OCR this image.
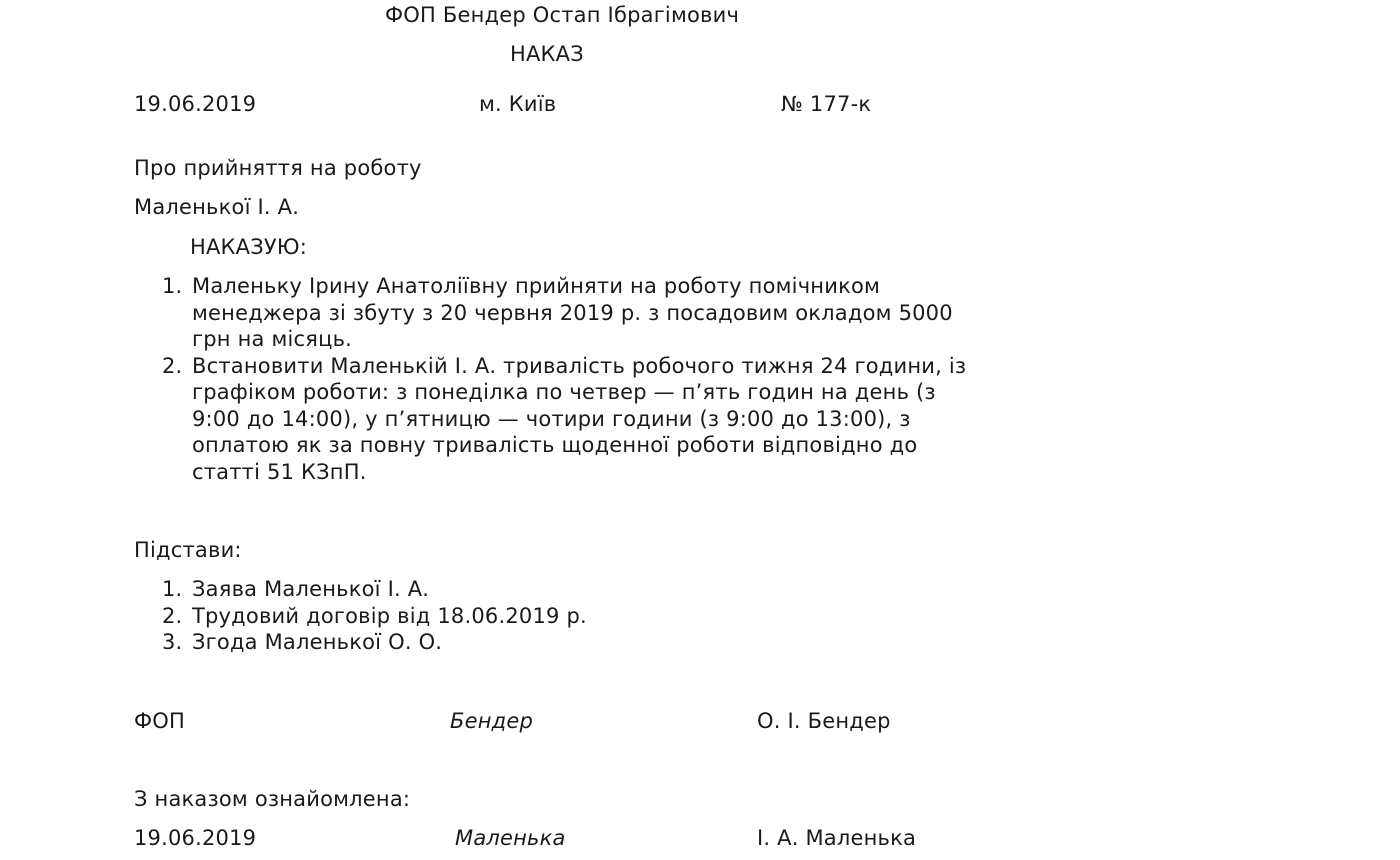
ФОП Бендер Остап Ібрагімович
НАКАЗ
19.06.2019	м. Київ	№ 177-к
Про прийняття на роботу
Маленької І. А.
НАКАЗУЮ:
1. Маленьку Ірину Анатоліївну прийняти на роботу помічником менеджера зі збуту з 20 червня 2019 р. з посадовим окладом 5000 грн на місяць.
2. Встановити Маленькій І. А. тривалість робочого тижня 24 години, із графіком роботи: з понеділка по четвер — п’ять годин на день (з 9:00 до 14:00), у п’ятницю — чотири години (з 9:00 до 13:00), з оплатою як за повну тривалість щоденної роботи відповідно до статті 51 КЗпП.
Підстави:
1. Заява Маленької І. А.
2. Трудовий договір від 18.06.2019 р.
3. Згода Маленької О. О.
ФОП	Бендер	О. І. Бендер
З наказом ознайомлена:
19.06.2019	Маленька	І. А. Маленька
